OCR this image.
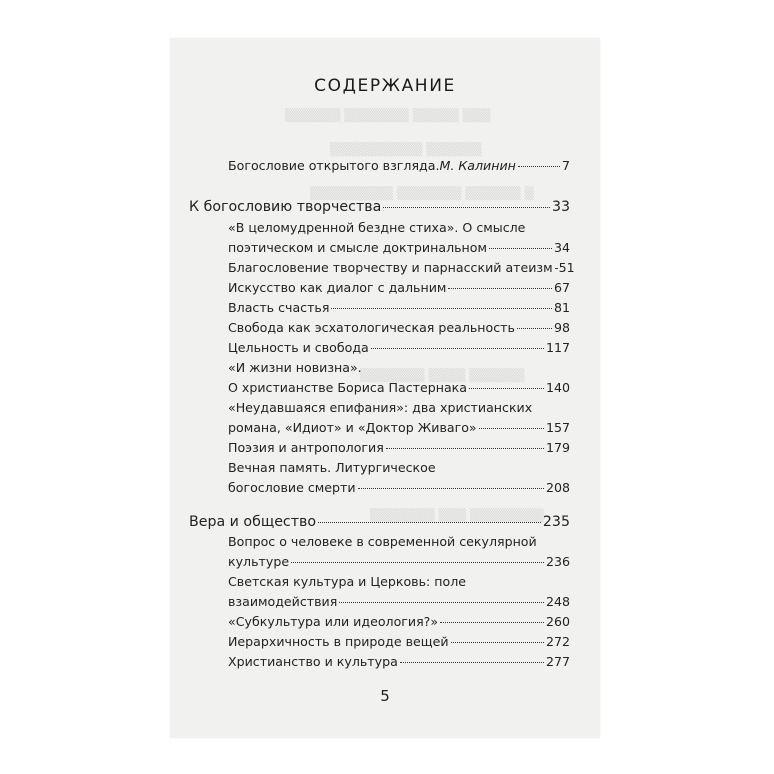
▒▒▒ ▒▒▒▒▒ ▒▒▒▒▒▒▒ ▒▒▒▒▒▒
▒▒▒▒▒▒ ▒▒▒▒▒▒▒▒▒▒
▒ ▒▒▒▒▒▒ ▒▒▒▒▒▒▒ ▒▒▒▒▒▒▒▒▒
▒▒▒▒▒▒ ▒▒▒▒ ▒▒▒▒▒▒▒
▒▒▒▒▒▒▒▒ ▒▒▒ ▒▒▒▒▒▒▒
СОДЕРЖАНИЕ
Богословие открытого взгляда. М. Калинин	7
К богословию творчества	33
«В целомудренной бездне стиха». О смысле
поэтическом и смысле доктринальном	34
Благословение творчеству и парнасский атеизм 51
Искусство как диалог с дальним	67
Власть счастья	81
Свобода как эсхатологическая реальность	98
Цельность и свобода	117
«И жизни новизна».
О христианстве Бориса Пастернака	140
«Неудавшаяся епифания»: два христианских
романа, «Идиот» и «Доктор Живаго»	157
Поэзия и антропология	179
Вечная память. Литургическое
богословие смерти	208
Вера и общество	235
Вопрос о человеке в современной секулярной
культуре	236
Светская культура и Церковь: поле
взаимодействия	248
«Субкультура или идеология?»	260
Иерархичность в природе вещей	272
Христианство и культура	277
5
